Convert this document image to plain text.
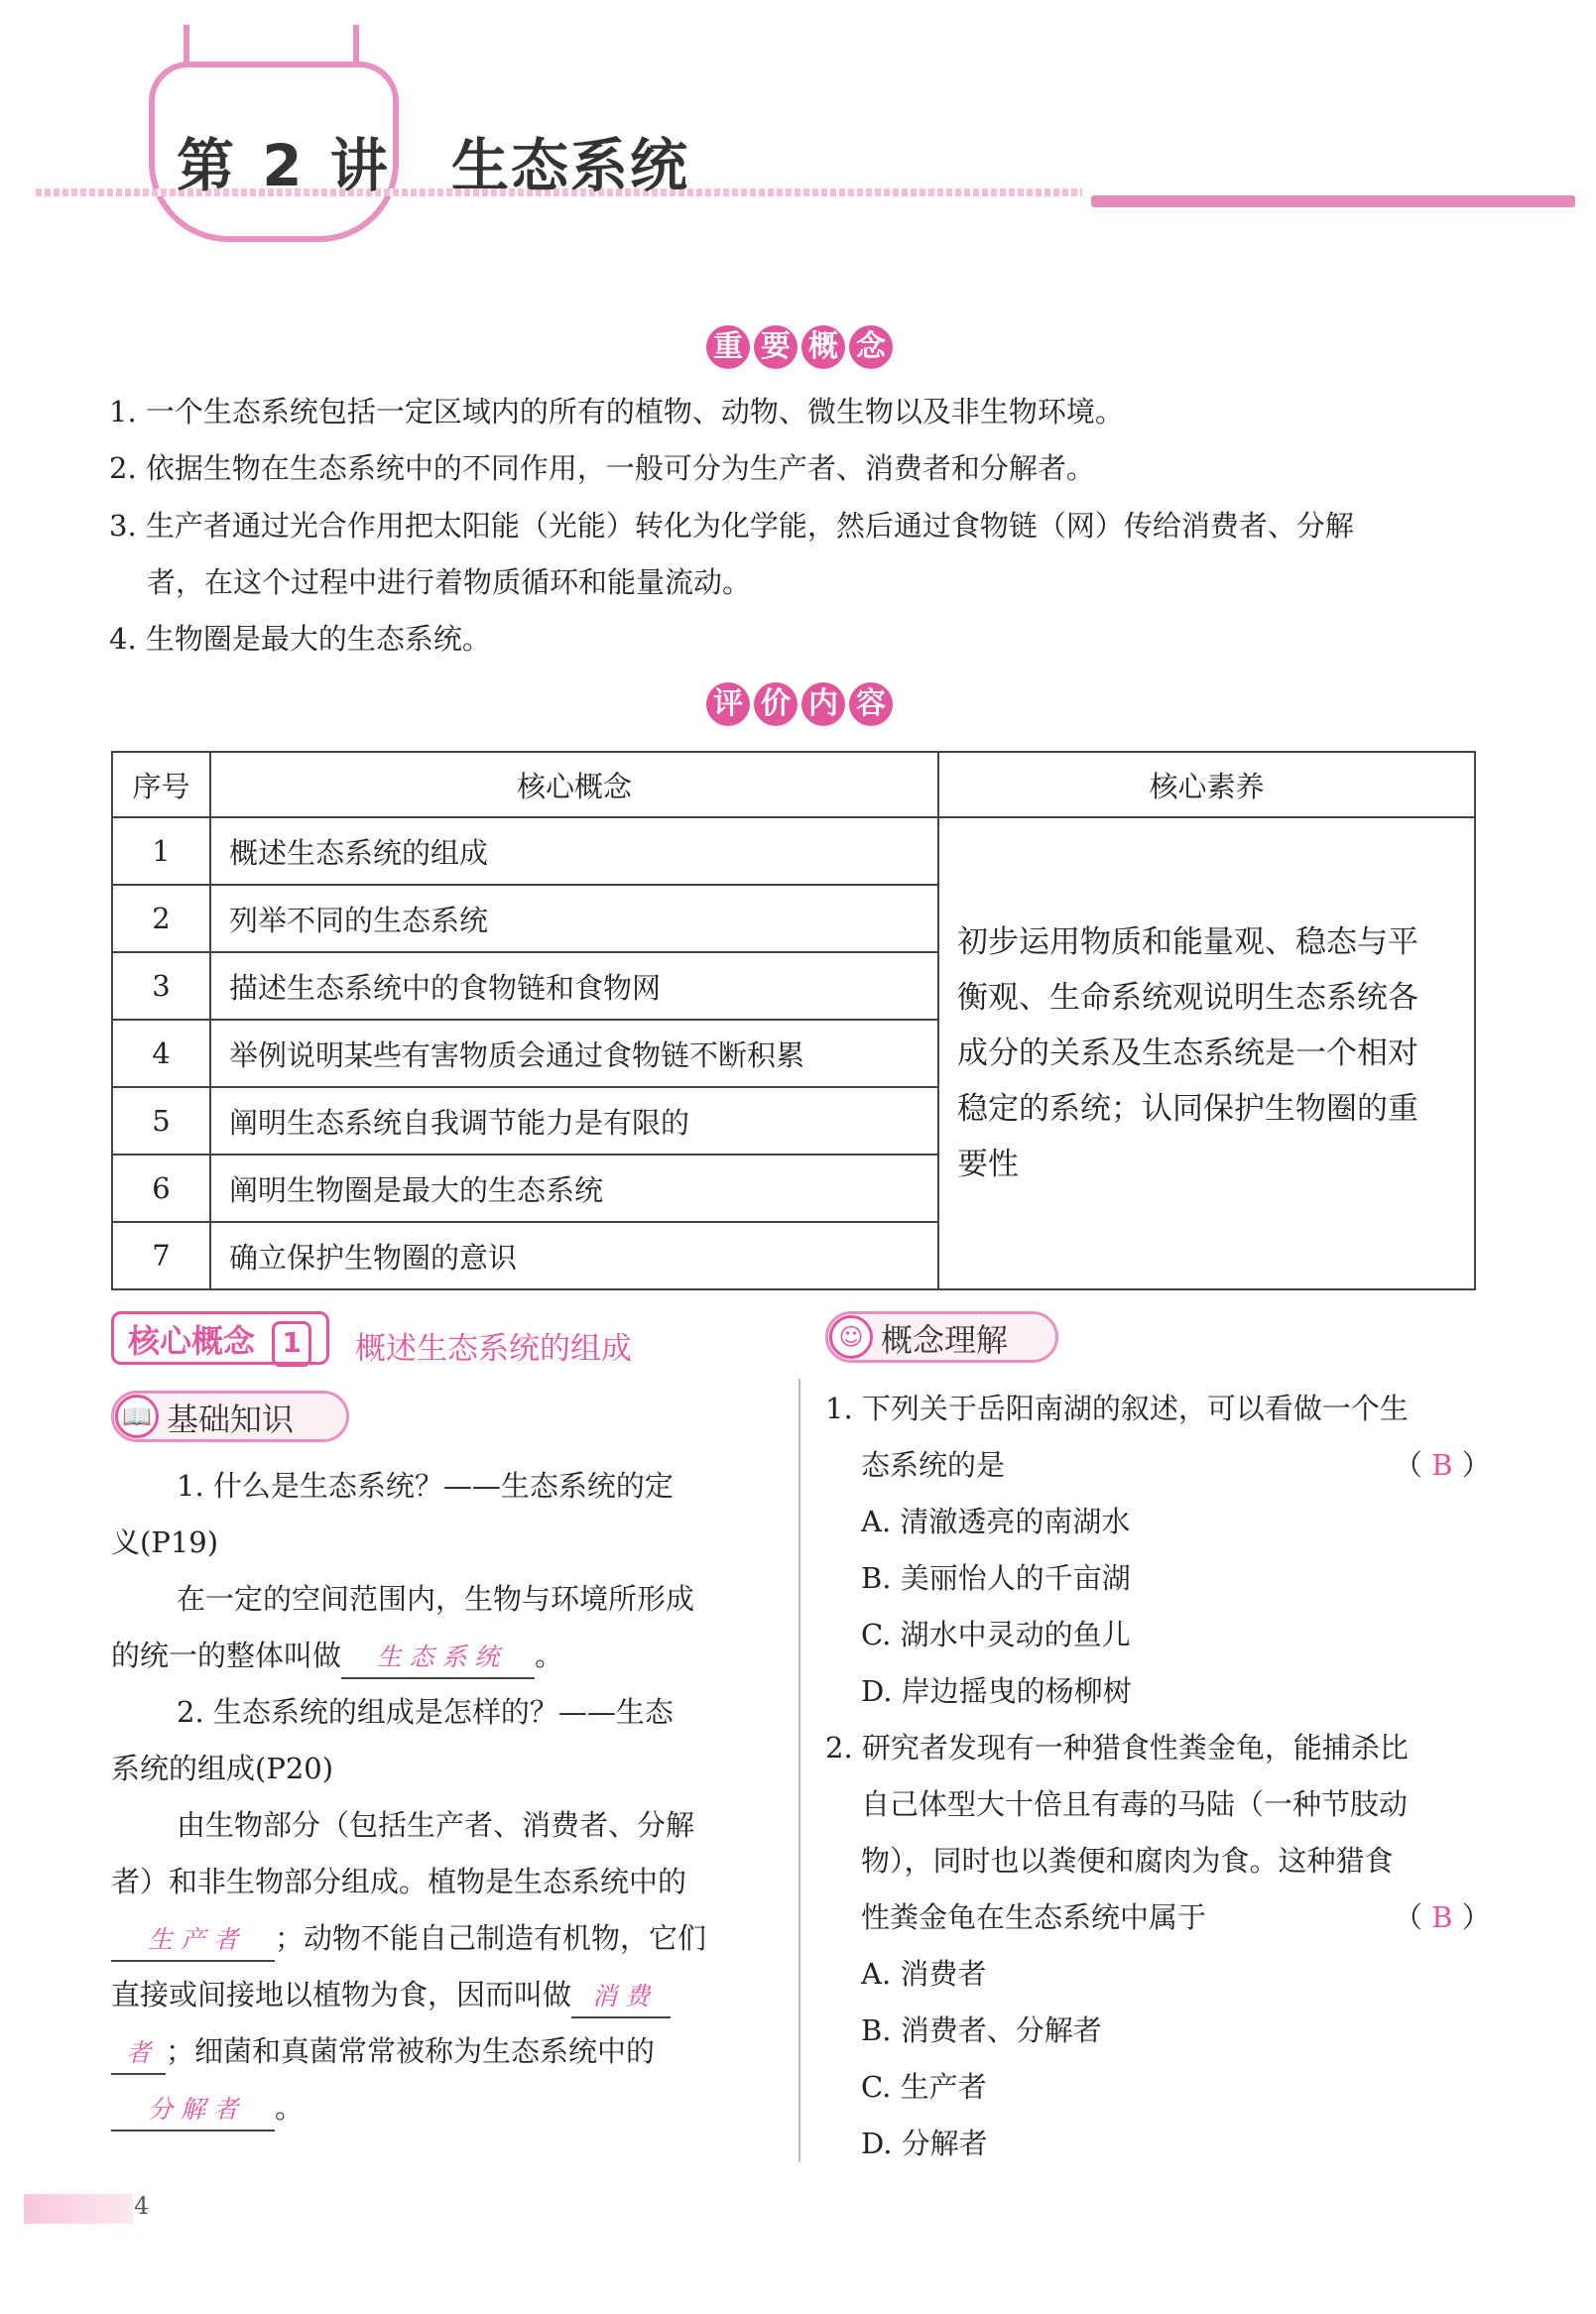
第 2 讲 生态系统
重 要 概 念
1. 一个生态系统包括一定区域内的所有的植物、动物、微生物以及非生物环境。
2. 依据生物在生态系统中的不同作用，一般可分为生产者、消费者和分解者。
3. 生产者通过光合作用把太阳能（光能）转化为化学能，然后通过食物链（网）传给消费者、分解
者，在这个过程中进行着物质循环和能量流动。
4. 生物圈是最大的生态系统。
评 价 内 容
序号	核心概念	核心素养
1	概述生态系统的组成	初步运用物质和能量观、稳态与平
衡观、生命系统观说明生态系统各
成分的关系及生态系统是一个相对
稳定的系统；认同保护生物圈的重
要性

2	列举不同的生态系统	
3	描述生态系统中的食物链和食物网	
4	举例说明某些有害物质会通过食物链不断积累	
5	阐明生态系统自我调节能力是有限的	
6	阐明生物圈是最大的生态系统	
7	确立保护生物圈的意识	
核心概念 1	概述生态系统的组成
📖 基础知识
☺ 概念理解
1. 什么是生态系统？——生态系统的定
义(P19)
在一定的空间范围内，生物与环境所形成
的统一的整体叫做 生 态 系 统 。
2. 生态系统的组成是怎样的？——生态
系统的组成(P20)
由生物部分（包括生产者、消费者、分解
者）和非生物部分组成。植物是生态系统中的
生 产 者 ；动物不能自己制造有机物，它们
直接或间接地以植物为食，因而叫做 消 费
者 ；细菌和真菌常常被称为生态系统中的
分 解 者 。
1. 下列关于岳阳南湖的叙述，可以看做一个生
态系统的是	（ B ）
A. 清澈透亮的南湖水
B. 美丽怡人的千亩湖
C. 湖水中灵动的鱼儿
D. 岸边摇曳的杨柳树
2. 研究者发现有一种猎食性粪金龟，能捕杀比
自己体型大十倍且有毒的马陆（一种节肢动
物），同时也以粪便和腐肉为食。这种猎食
性粪金龟在生态系统中属于	（ B ）
A. 消费者
B. 消费者、分解者
C. 生产者
D. 分解者
4
